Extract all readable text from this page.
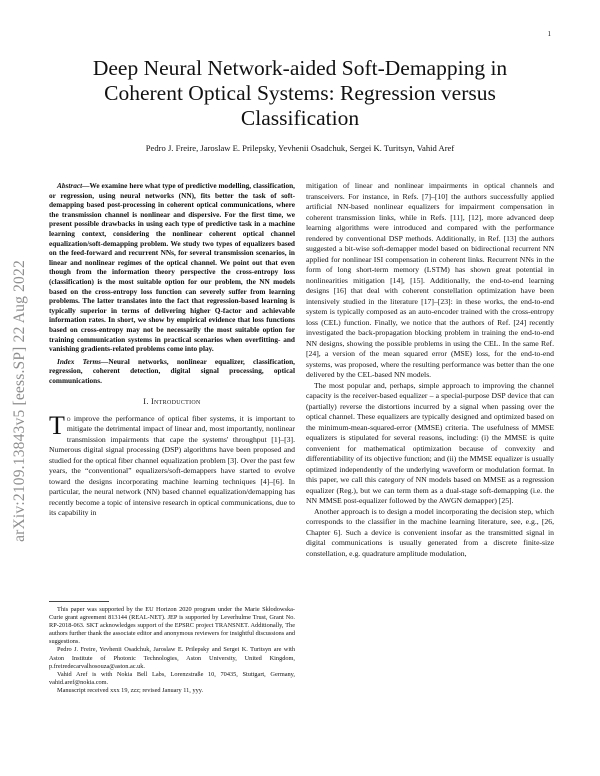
1
arXiv:2109.13843v5 [eess.SP] 22 Aug 2022
Deep Neural Network-aided Soft-Demapping in Coherent Optical Systems: Regression versus Classification
Pedro J. Freire, Jaroslaw E. Prilepsky, Yevhenii Osadchuk, Sergei K. Turitsyn, Vahid Aref

Abstract—We examine here what type of predictive modelling, classification, or regression, using neural networks (NN), fits better the task of soft-demapping based post-processing in coherent optical communications, where the transmission channel is nonlinear and dispersive. For the first time, we present possible drawbacks in using each type of predictive task in a machine learning context, considering the nonlinear coherent optical channel equalization/soft-demapping problem. We study two types of equalizers based on the feed-forward and recurrent NNs, for several transmission scenarios, in linear and nonlinear regimes of the optical channel. We point out that even though from the information theory perspective the cross-entropy loss (classification) is the most suitable option for our problem, the NN models based on the cross-entropy loss function can severely suffer from learning problems. The latter translates into the fact that regression-based learning is typically superior in terms of delivering higher Q-factor and achievable information rates. In short, we show by empirical evidence that loss functions based on cross-entropy may not be necessarily the most suitable option for training communication systems in practical scenarios when overfitting- and vanishing gradients-related problems come into play.

Index Terms—Neural networks, nonlinear equalizer, classification, regression, coherent detection, digital signal processing, optical communications.

I. Introduction

To improve the performance of optical fiber systems, it is important to mitigate the detrimental impact of linear and, most importantly, nonlinear transmission impairments that cape the systems' throughput [1]–[3]. Numerous digital signal processing (DSP) algorithms have been proposed and studied for the optical fiber channel equalization problem [3]. Over the past few years, the “conventional” equalizers/soft-demappers have started to evolve toward the designs incorporating machine learning techniques [4]–[6]. In particular, the neural network (NN) based channel equalization/demapping has recently become a topic of intensive research in optical communications, due to its capability in

This paper was supported by the EU Horizon 2020 program under the Marie Skłodowska-Curie grant agreement 813144 (REAL-NET). JEP is supported by Leverhulme Trust, Grant No. RP-2018-063. SKT acknowledges support of the EPSRC project TRANSNET. Additionally, The authors further thank the associate editor and anonymous reviewers for insightful discussions and suggestions.

Pedro J. Freire, Yevhenii Osadchuk, Jaroslaw E. Prilepsky and Sergei K. Turitsyn are with Aston Institute of Photonic Technologies, Aston University, United Kingdom, p.freiredecarvalhosouza@aston.ac.uk.

Vahid Aref is with Nokia Bell Labs, Lorenzstraße 10, 70435, Stuttgart, Germany, vahid.aref@nokia.com.

Manuscript received xxx 19, zzz; revised January 11, yyy.

mitigation of linear and nonlinear impairments in optical channels and transceivers. For instance, in Refs. [7]–[10] the authors successfully applied artificial NN-based nonlinear equalizers for impairment compensation in coherent transmission links, while in Refs. [11], [12], more advanced deep learning algorithms were introduced and compared with the performance rendered by conventional DSP methods. Additionally, in Ref. [13] the authors suggested a bit-wise soft-demapper model based on bidirectional recurrent NN applied for nonlinear ISI compensation in coherent links. Recurrent NNs in the form of long short-term memory (LSTM) has shown great potential in nonlinearities mitigation [14], [15]. Additionally, the end-to-end learning designs [16] that deal with coherent constellation optimization have been intensively studied in the literature [17]–[23]: in these works, the end-to-end system is typically composed as an auto-encoder trained with the cross-entropy loss (CEL) function. Finally, we notice that the authors of Ref. [24] recently investigated the back-propagation blocking problem in training the end-to-end NN designs, showing the possible problems in using the CEL. In the same Ref. [24], a version of the mean squared error (MSE) loss, for the end-to-end systems, was proposed, where the resulting performance was better than the one delivered by the CEL-based NN models.

The most popular and, perhaps, simple approach to improving the channel capacity is the receiver-based equalizer – a special-purpose DSP device that can (partially) reverse the distortions incurred by a signal when passing over the optical channel. These equalizers are typically designed and optimized based on the minimum-mean-squared-error (MMSE) criteria. The usefulness of MMSE equalizers is stipulated for several reasons, including: (i) the MMSE is quite convenient for mathematical optimization because of convexity and differentiability of its objective function; and (ii) the MMSE equalizer is usually optimized independently of the underlying waveform or modulation format. In this paper, we call this category of NN models based on MMSE as a regression equalizer (Reg.), but we can term them as a dual-stage soft-demapping (i.e. the NN MMSE post-equalizer followed by the AWGN demapper) [25].

Another approach is to design a model incorporating the decision step, which corresponds to the classifier in the machine learning literature, see, e.g., [26, Chapter 6]. Such a device is convenient insofar as the transmitted signal in digital communications is usually generated from a discrete finite-size constellation, e.g. quadrature amplitude modulation,
